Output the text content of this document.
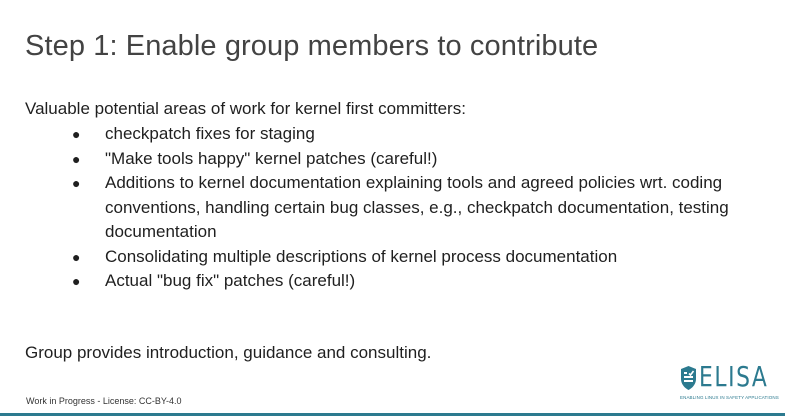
Step 1: Enable group members to contribute
Valuable potential areas of work for kernel first committers:
●	checkpatch fixes for staging
●	"Make tools happy" kernel patches (careful!)
●	Additions to kernel documentation explaining tools and agreed policies wrt. coding conventions, handling certain bug classes, e.g., checkpatch documentation, testing documentation
●	Consolidating multiple descriptions of kernel process documentation
●	Actual "bug fix" patches (careful!)
Group provides introduction, guidance and consulting.
Work in Progress - License: CC-BY-4.0
ELISA
ENABLING LINUX IN SAFETY APPLICATIONS
